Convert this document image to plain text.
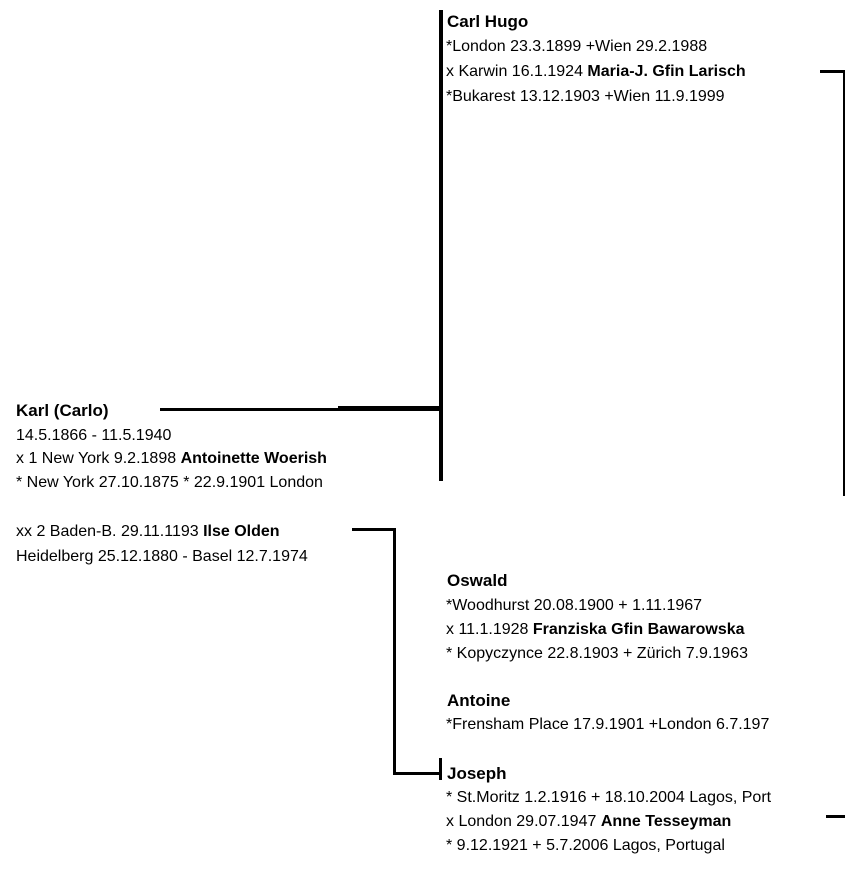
Carl Hugo
*London 23.3.1899 +Wien 29.2.1988
x Karwin 16.1.1924 Maria-J. Gfin Larisch
*Bukarest 13.12.1903 +Wien 11.9.1999
Karl (Carlo)
14.5.1866 - 11.5.1940
x 1 New York 9.2.1898 Antoinette Woerish
* New York 27.10.1875 * 22.9.1901 London
xx 2 Baden-B. 29.11.1193 Ilse Olden
Heidelberg 25.12.1880 - Basel 12.7.1974
Oswald
*Woodhurst 20.08.1900 + 1.11.1967
x 11.1.1928 Franziska Gfin Bawarowska
* Kopyczynce 22.8.1903 + Zürich 7.9.1963
Antoine
*Frensham Place 17.9.1901 +London 6.7.197
Joseph
* St.Moritz 1.2.1916 + 18.10.2004 Lagos, Port
x London 29.07.1947 Anne Tesseyman
* 9.12.1921 + 5.7.2006 Lagos, Portugal
